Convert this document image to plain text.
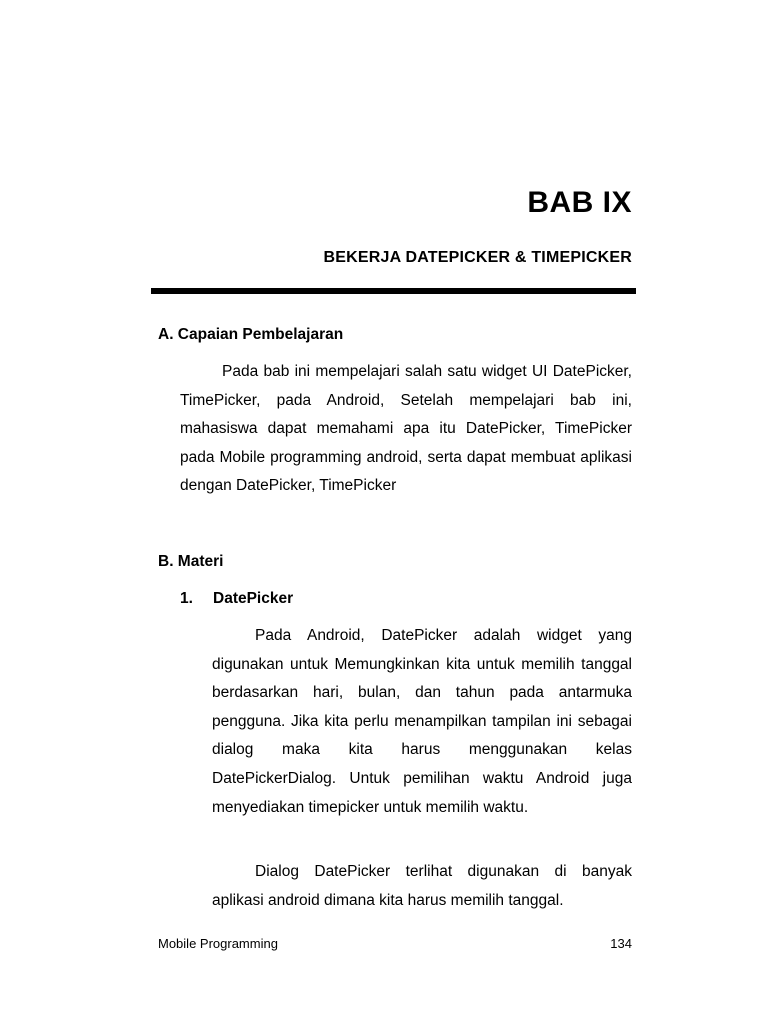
BAB IX
BEKERJA DATEPICKER & TIMEPICKER
A. Capaian Pembelajaran

Pada bab ini mempelajari salah satu widget UI DatePicker, TimePicker, pada Android, Setelah mempelajari bab ini, mahasiswa dapat memahami apa itu DatePicker, TimePicker pada Mobile programming android, serta dapat membuat aplikasi dengan DatePicker, TimePicker

B. Materi
1. DatePicker

Pada Android, DatePicker adalah widget yang digunakan untuk Memungkinkan kita untuk memilih tanggal berdasarkan hari, bulan, dan tahun pada antarmuka pengguna. Jika kita perlu menampilkan tampilan ini sebagai dialog maka kita harus menggunakan kelas DatePickerDialog. Untuk pemilihan waktu Android juga menyediakan timepicker untuk memilih waktu.

Dialog DatePicker terlihat digunakan di banyak aplikasi android dimana kita harus memilih tanggal.

Mobile Programming	134
